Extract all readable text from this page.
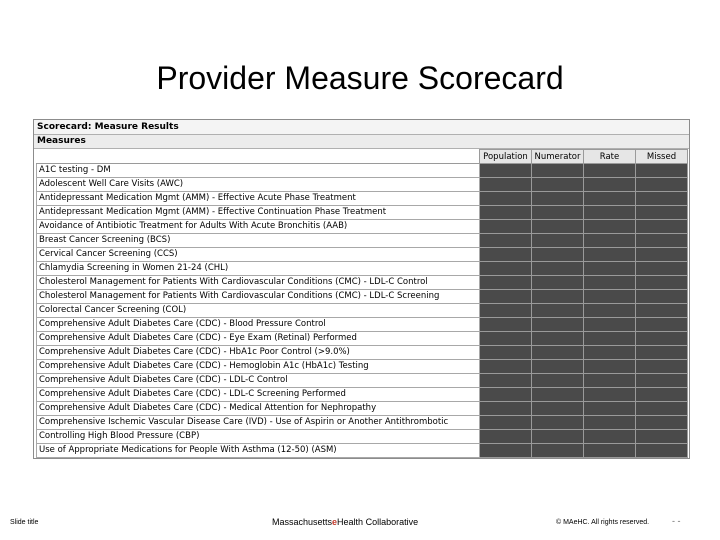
Provider Measure Scorecard
Scorecard: Measure Results
Measures
	Population	Numerator	Rate	Missed
A1C testing - DM				
Adolescent Well Care Visits (AWC)				
Antidepressant Medication Mgmt (AMM) - Effective Acute Phase Treatment				
Antidepressant Medication Mgmt (AMM) - Effective Continuation Phase Treatment				
Avoidance of Antibiotic Treatment for Adults With Acute Bronchitis (AAB)				
Breast Cancer Screening (BCS)				
Cervical Cancer Screening (CCS)				
Chlamydia Screening in Women 21-24 (CHL)				
Cholesterol Management for Patients With Cardiovascular Conditions (CMC) - LDL-C Control				
Cholesterol Management for Patients With Cardiovascular Conditions (CMC) - LDL-C Screening				
Colorectal Cancer Screening (COL)				
Comprehensive Adult Diabetes Care (CDC) - Blood Pressure Control				
Comprehensive Adult Diabetes Care (CDC) - Eye Exam (Retinal) Performed				
Comprehensive Adult Diabetes Care (CDC) - HbA1c Poor Control (>9.0%)				
Comprehensive Adult Diabetes Care (CDC) - Hemoglobin A1c (HbA1c) Testing				
Comprehensive Adult Diabetes Care (CDC) - LDL-C Control				
Comprehensive Adult Diabetes Care (CDC) - LDL-C Screening Performed				
Comprehensive Adult Diabetes Care (CDC) - Medical Attention for Nephropathy				
Comprehensive Ischemic Vascular Disease Care (IVD) - Use of Aspirin or Another Antithrombotic				
Controlling High Blood Pressure (CBP)				
Use of Appropriate Medications for People With Asthma (12-50) (ASM)				
Slide title	MassachusettseHealth Collaborative	© MAeHC. All rights reserved.	- -
